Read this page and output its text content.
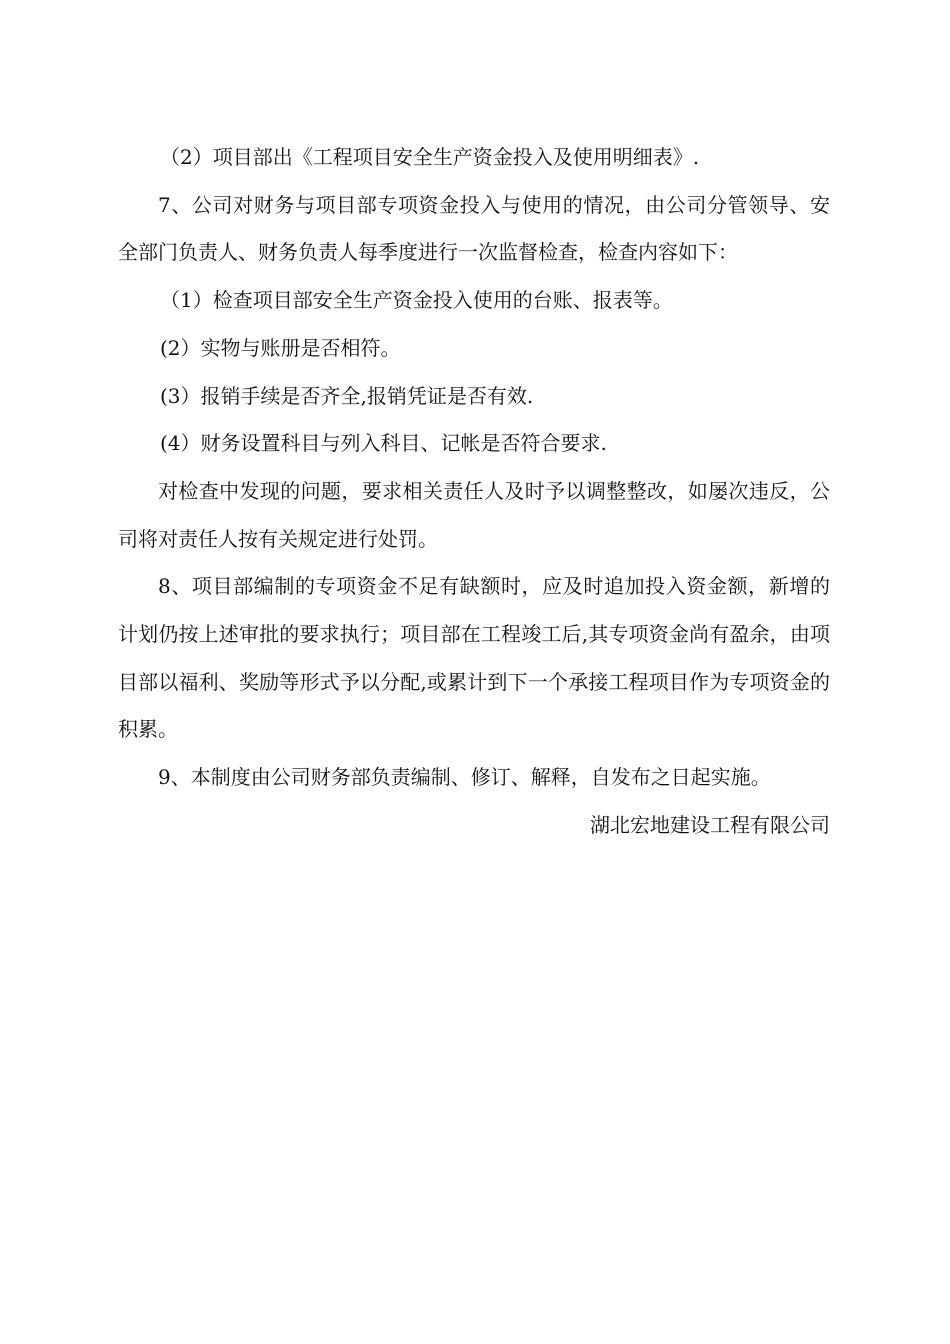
（2）项目部出《工程项目安全生产资金投入及使用明细表》.

7、公司对财务与项目部专项资金投入与使用的情况，由公司分管领导、安全部门负责人、财务负责人每季度进行一次监督检查，检查内容如下：

（1）检查项目部安全生产资金投入使用的台账、报表等。

(2）实物与账册是否相符。

(3）报销手续是否齐全,报销凭证是否有效.

(4）财务设置科目与列入科目、记帐是否符合要求.

对检查中发现的问题，要求相关责任人及时予以调整整改，如屡次违反，公司将对责任人按有关规定进行处罚。

8、项目部编制的专项资金不足有缺额时，应及时追加投入资金额，新增的计划仍按上述审批的要求执行；项目部在工程竣工后,其专项资金尚有盈余，由项目部以福利、奖励等形式予以分配,或累计到下一个承接工程项目作为专项资金的积累。

9、本制度由公司财务部负责编制、修订、解释，自发布之日起实施。

湖北宏地建设工程有限公司
